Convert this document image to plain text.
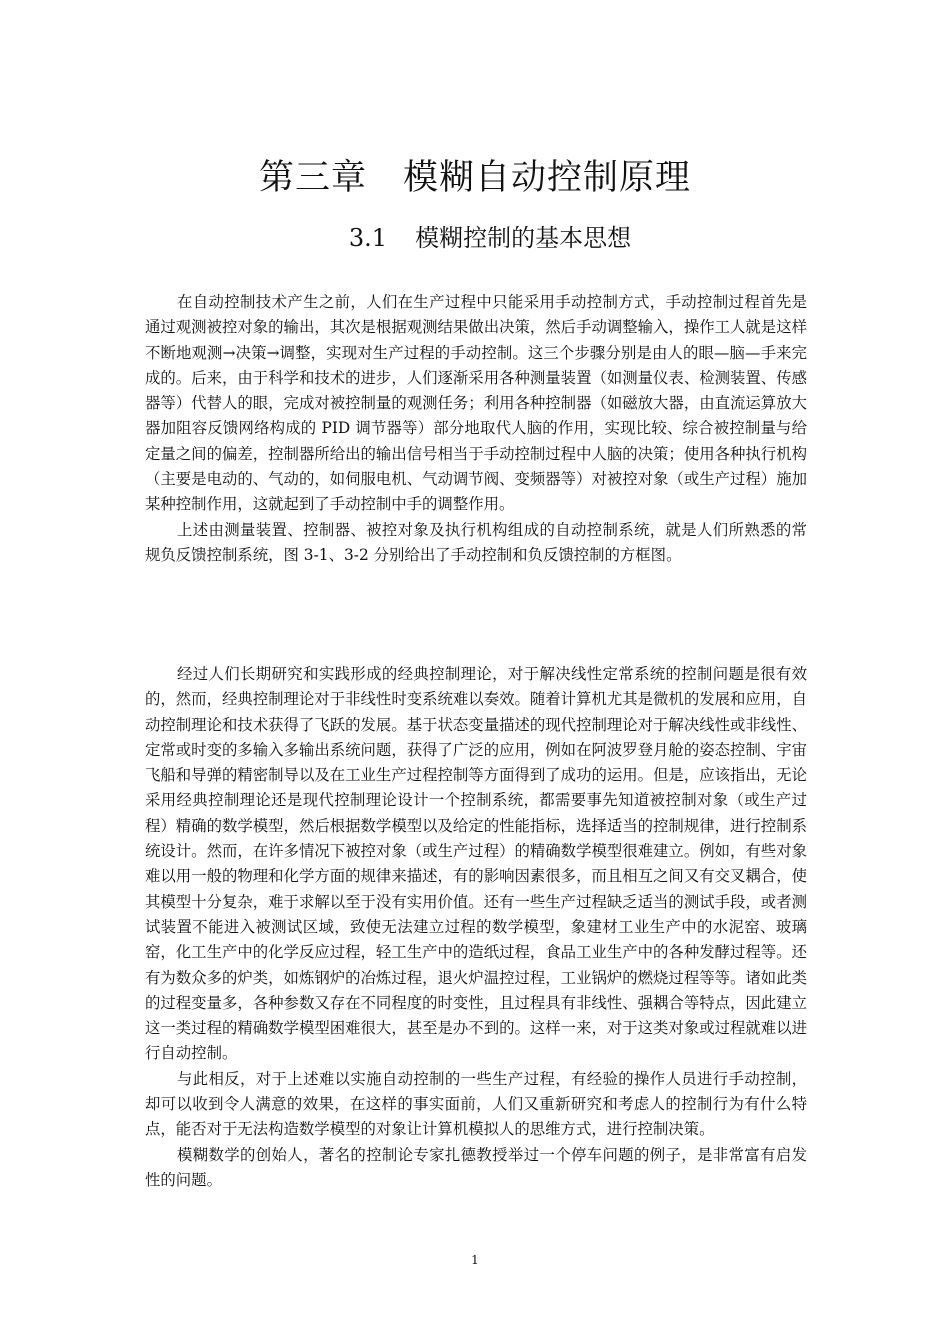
第三章　模糊自动控制原理
3.1 模糊控制的基本思想

在自动控制技术产生之前，人们在生产过程中只能采用手动控制方式，手动控制过程首先是通过观测被控对象的输出，其次是根据观测结果做出决策，然后手动调整输入，操作工人就是这样不断地观测→决策→调整，实现对生产过程的手动控制。这三个步骤分别是由人的眼—脑—手来完成的。后来，由于科学和技术的进步，人们逐渐采用各种测量装置（如测量仪表、检测装置、传感器等）代替人的眼，完成对被控制量的观测任务；利用各种控制器（如磁放大器，由直流运算放大器加阻容反馈网络构成的 PID 调节器等）部分地取代人脑的作用，实现比较、综合被控制量与给定量之间的偏差，控制器所给出的输出信号相当于手动控制过程中人脑的决策；使用各种执行机构（主要是电动的、气动的，如伺服电机、气动调节阀、变频器等）对被控对象（或生产过程）施加某种控制作用，这就起到了手动控制中手的调整作用。

上述由测量装置、控制器、被控对象及执行机构组成的自动控制系统，就是人们所熟悉的常规负反馈控制系统，图 3-1、3-2 分别给出了手动控制和负反馈控制的方框图。

经过人们长期研究和实践形成的经典控制理论，对于解决线性定常系统的控制问题是很有效的，然而，经典控制理论对于非线性时变系统难以奏效。随着计算机尤其是微机的发展和应用，自动控制理论和技术获得了飞跃的发展。基于状态变量描述的现代控制理论对于解决线性或非线性、定常或时变的多输入多输出系统问题，获得了广泛的应用，例如在阿波罗登月舱的姿态控制、宇宙飞船和导弹的精密制导以及在工业生产过程控制等方面得到了成功的运用。但是，应该指出，无论采用经典控制理论还是现代控制理论设计一个控制系统，都需要事先知道被控制对象（或生产过程）精确的数学模型，然后根据数学模型以及给定的性能指标，选择适当的控制规律，进行控制系统设计。然而，在许多情况下被控对象（或生产过程）的精确数学模型很难建立。例如，有些对象难以用一般的物理和化学方面的规律来描述，有的影响因素很多，而且相互之间又有交叉耦合，使其模型十分复杂，难于求解以至于没有实用价值。还有一些生产过程缺乏适当的测试手段，或者测试装置不能进入被测试区域，致使无法建立过程的数学模型，象建材工业生产中的水泥窑、玻璃窑，化工生产中的化学反应过程，轻工生产中的造纸过程，食品工业生产中的各种发酵过程等。还有为数众多的炉类，如炼钢炉的冶炼过程，退火炉温控过程，工业锅炉的燃烧过程等等。诸如此类的过程变量多，各种参数又存在不同程度的时变性，且过程具有非线性、强耦合等特点，因此建立这一类过程的精确数学模型困难很大，甚至是办不到的。这样一来，对于这类对象或过程就难以进行自动控制。

与此相反，对于上述难以实施自动控制的一些生产过程，有经验的操作人员进行手动控制，却可以收到令人满意的效果，在这样的事实面前，人们又重新研究和考虑人的控制行为有什么特点，能否对于无法构造数学模型的对象让计算机模拟人的思维方式，进行控制决策。

模糊数学的创始人，著名的控制论专家扎德教授举过一个停车问题的例子，是非常富有启发性的问题。

1
